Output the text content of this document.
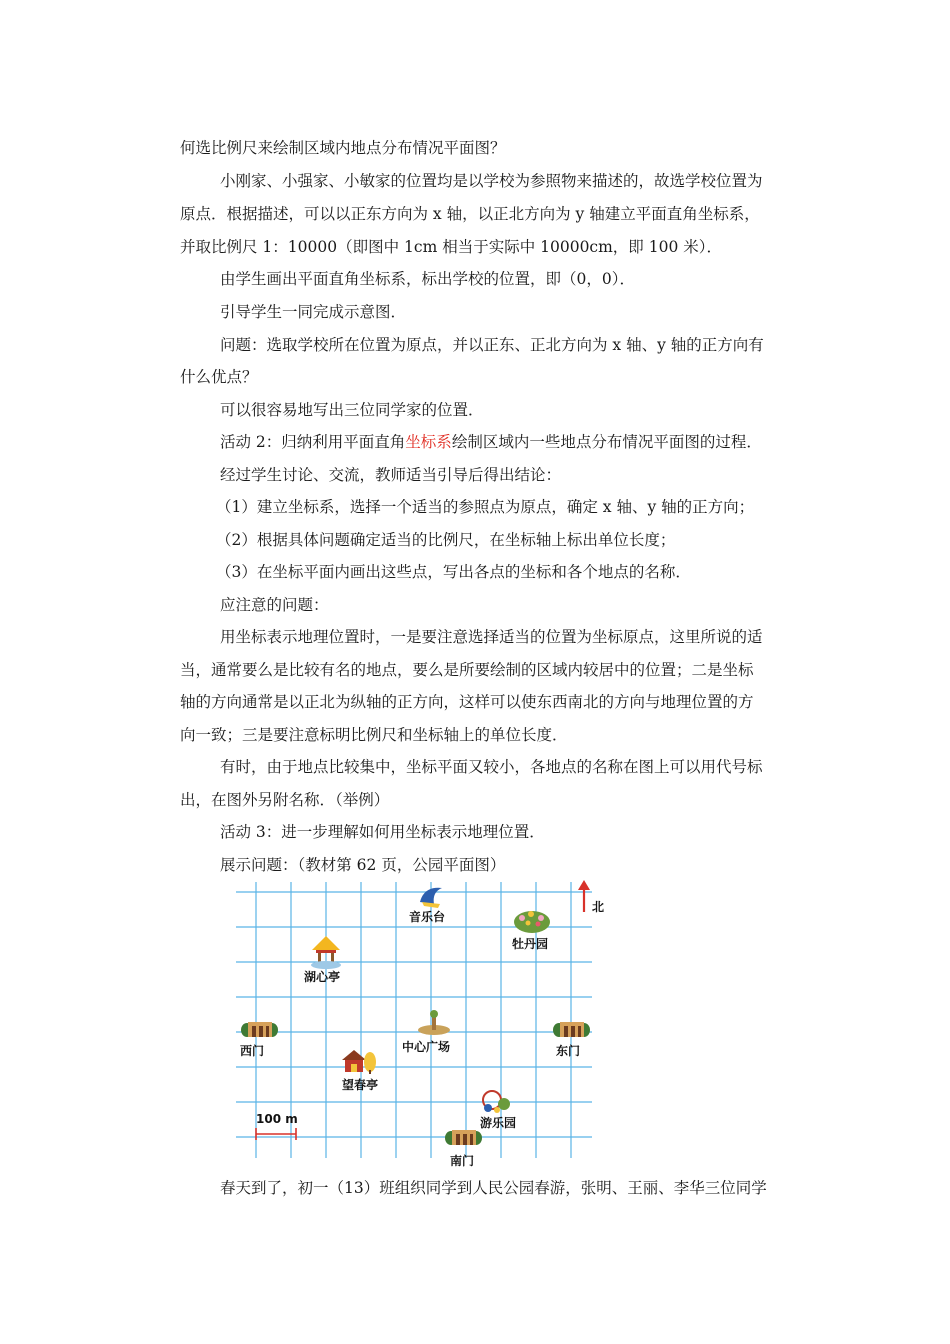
何选比例尺来绘制区域内地点分布情况平面图？
小刚家、小强家、小敏家的位置均是以学校为参照物来描述的，故选学校位置为
原点．根据描述，可以以正东方向为 x 轴，以正北方向为 y 轴建立平面直角坐标系，
并取比例尺 1：10000（即图中 1cm 相当于实际中 10000cm，即 100 米）．
由学生画出平面直角坐标系，标出学校的位置，即（0，0）．
引导学生一同完成示意图．
问题：选取学校所在位置为原点，并以正东、正北方向为 x 轴、y 轴的正方向有
什么优点？
可以很容易地写出三位同学家的位置．
活动 2：归纳利用平面直角坐标系绘制区域内一些地点分布情况平面图的过程．
经过学生讨论、交流，教师适当引导后得出结论：
（1）建立坐标系，选择一个适当的参照点为原点，确定 x 轴、y 轴的正方向；
（2）根据具体问题确定适当的比例尺，在坐标轴上标出单位长度；
（3）在坐标平面内画出这些点，写出各点的坐标和各个地点的名称．
应注意的问题：
用坐标表示地理位置时，一是要注意选择适当的位置为坐标原点，这里所说的适
当，通常要么是比较有名的地点，要么是所要绘制的区域内较居中的位置；二是坐标
轴的方向通常是以正北为纵轴的正方向，这样可以使东西南北的方向与地理位置的方
向一致；三是要注意标明比例尺和坐标轴上的单位长度．
有时，由于地点比较集中，坐标平面又较小，各地点的名称在图上可以用代号标
出，在图外另附名称．（举例）
活动 3：进一步理解如何用坐标表示地理位置．
展示问题：（教材第 62 页，公园平面图）
北
100 m
音乐台
牡丹园
湖心亭
西门	中心广场	东门
望春亭
游乐园
南门
春天到了，初一（13）班组织同学到人民公园春游，张明、王丽、李华三位同学
